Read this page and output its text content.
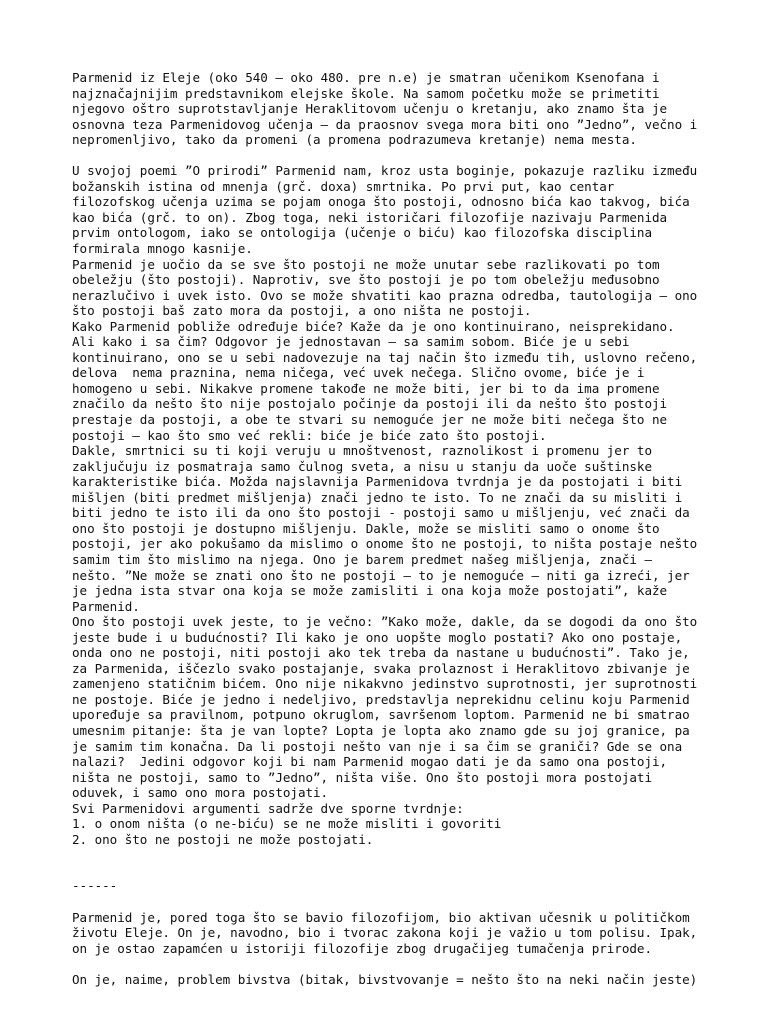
Parmenid iz Eleje (oko 540 – oko 480. pre n.e) je smatran učenikom Ksenofana i
najznačajnijim predstavnikom elejske škole. Na samom početku može se primetiti
njegovo oštro suprotstavljanje Heraklitovom učenju o kretanju, ako znamo šta je
osnovna teza Parmenidovog učenja – da praosnov svega mora biti ono ”Jedno”, večno i
nepromenljivo, tako da promeni (a promena podrazumeva kretanje) nema mesta.
U svojoj poemi ”O prirodi” Parmenid nam, kroz usta boginje, pokazuje razliku između
božanskih istina od mnenja (grč. doxa) smrtnika. Po prvi put, kao centar
filozofskog učenja uzima se pojam onoga što postoji, odnosno bića kao takvog, bića
kao bića (grč. to on). Zbog toga, neki istoričari filozofije nazivaju Parmenida
prvim ontologom, iako se ontologija (učenje o biću) kao filozofska disciplina
formirala mnogo kasnije.
Parmenid je uočio da se sve što postoji ne može unutar sebe razlikovati po tom
obeležju (što postoji). Naprotiv, sve što postoji je po tom obeležju međusobno
nerazlučivo i uvek isto. Ovo se može shvatiti kao prazna odredba, tautologija – ono
što postoji baš zato mora da postoji, a ono ništa ne postoji.
Kako Parmenid pobliže određuje biće? Kaže da je ono kontinuirano, neisprekidano.
Ali kako i sa čim? Odgovor je jednostavan – sa samim sobom. Biće je u sebi
kontinuirano, ono se u sebi nadovezuje na taj način što između tih, uslovno rečeno,
delova  nema praznina, nema ničega, već uvek nečega. Slično ovome, biće je i
homogeno u sebi. Nikakve promene takođe ne može biti, jer bi to da ima promene
značilo da nešto što nije postojalo počinje da postoji ili da nešto što postoji
prestaje da postoji, a obe te stvari su nemoguće jer ne može biti nečega što ne
postoji – kao što smo već rekli: biće je biće zato što postoji.
Dakle, smrtnici su ti koji veruju u mnoštvenost, raznolikost i promenu jer to
zaključuju iz posmatraja samo čulnog sveta, a nisu u stanju da uoče suštinske
karakteristike bića. Možda najslavnija Parmenidova tvrdnja je da postojati i biti
mišljen (biti predmet mišljenja) znači jedno te isto. To ne znači da su misliti i
biti jedno te isto ili da ono što postoji - postoji samo u mišljenju, već znači da
ono što postoji je dostupno mišljenju. Dakle, može se misliti samo o onome što
postoji, jer ako pokušamo da mislimo o onome što ne postoji, to ništa postaje nešto
samim tim što mislimo na njega. Ono je barem predmet našeg mišljenja, znači –
nešto. ”Ne može se znati ono što ne postoji – to je nemoguće – niti ga izreći, jer
je jedna ista stvar ona koja se može zamisliti i ona koja može postojati”, kaže
Parmenid.
Ono što postoji uvek jeste, to je večno: ”Kako može, dakle, da se dogodi da ono što
jeste bude i u budućnosti? Ili kako je ono uopšte moglo postati? Ako ono postaje,
onda ono ne postoji, niti postoji ako tek treba da nastane u budućnosti”. Tako je,
za Parmenida, iščezlo svako postajanje, svaka prolaznost i Heraklitovo zbivanje je
zamenjeno statičnim bićem. Ono nije nikakvno jedinstvo suprotnosti, jer suprotnosti
ne postoje. Biće je jedno i nedeljivo, predstavlja neprekidnu celinu koju Parmenid
upoređuje sa pravilnom, potpuno okruglom, savršenom loptom. Parmenid ne bi smatrao
umesnim pitanje: šta je van lopte? Lopta je lopta ako znamo gde su joj granice, pa
je samim tim konačna. Da li postoji nešto van nje i sa čim se graniči? Gde se ona
nalazi?  Jedini odgovor koji bi nam Parmenid mogao dati je da samo ona postoji,
ništa ne postoji, samo to ”Jedno”, ništa više. Ono što postoji mora postojati
oduvek, i samo ono mora postojati.
Svi Parmenidovi argumenti sadrže dve sporne tvrdnje:
1. o onom ništa (o ne-biću) se ne može misliti i govoriti
2. ono što ne postoji ne može postojati.
------
Parmenid je, pored toga što se bavio filozofijom, bio aktivan učesnik u političkom
životu Eleje. On je, navodno, bio i tvorac zakona koji je važio u tom polisu. Ipak,
on je ostao zapamćen u istoriji filozofije zbog drugačijeg tumačenja prirode.
On je, naime, problem bivstva (bitak, bivstvovanje = nešto što na neki način jeste)
